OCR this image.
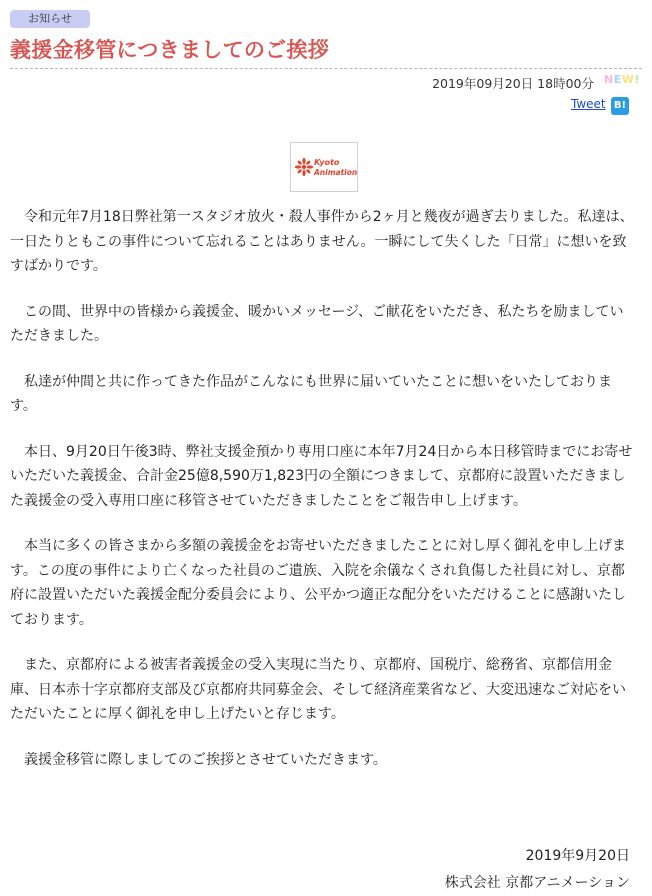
お知らせ
義援金移管につきましてのご挨拶
2019年09月20日 18時00分 NEW!
Tweet B!
Kyoto
Animation

令和元年7月18日弊社第一スタジオ放火・殺人事件から2ヶ月と幾夜が過ぎ去りました。私達は、一日たりともこの事件について忘れることはありません。一瞬にして失くした「日常」に想いを致すばかりです。

この間、世界中の皆様から義援金、暖かいメッセージ、ご献花をいただき、私たちを励ましていただきました。

私達が仲間と共に作ってきた作品がこんなにも世界に届いていたことに想いをいたしております。

本日、9月20日午後3時、弊社支援金預かり専用口座に本年7月24日から本日移管時までにお寄せいただいた義援金、合計金25億8,590万1,823円の全額につきまして、京都府に設置いただきました義援金の受入専用口座に移管させていただきましたことをご報告申し上げます。

本当に多くの皆さまから多額の義援金をお寄せいただきましたことに対し厚く御礼を申し上げます。この度の事件により亡くなった社員のご遺族、入院を余儀なくされ負傷した社員に対し、京都府に設置いただいた義援金配分委員会により、公平かつ適正な配分をいただけることに感謝いたしております。

また、京都府による被害者義援金の受入実現に当たり、京都府、国税庁、総務省、京都信用金庫、日本赤十字京都府支部及び京都府共同募金会、そして経済産業省など、大変迅速なご対応をいただいたことに厚く御礼を申し上げたいと存じます。

義援金移管に際しましてのご挨拶とさせていただきます。

2019年9月20日
株式会社 京都アニメーション
